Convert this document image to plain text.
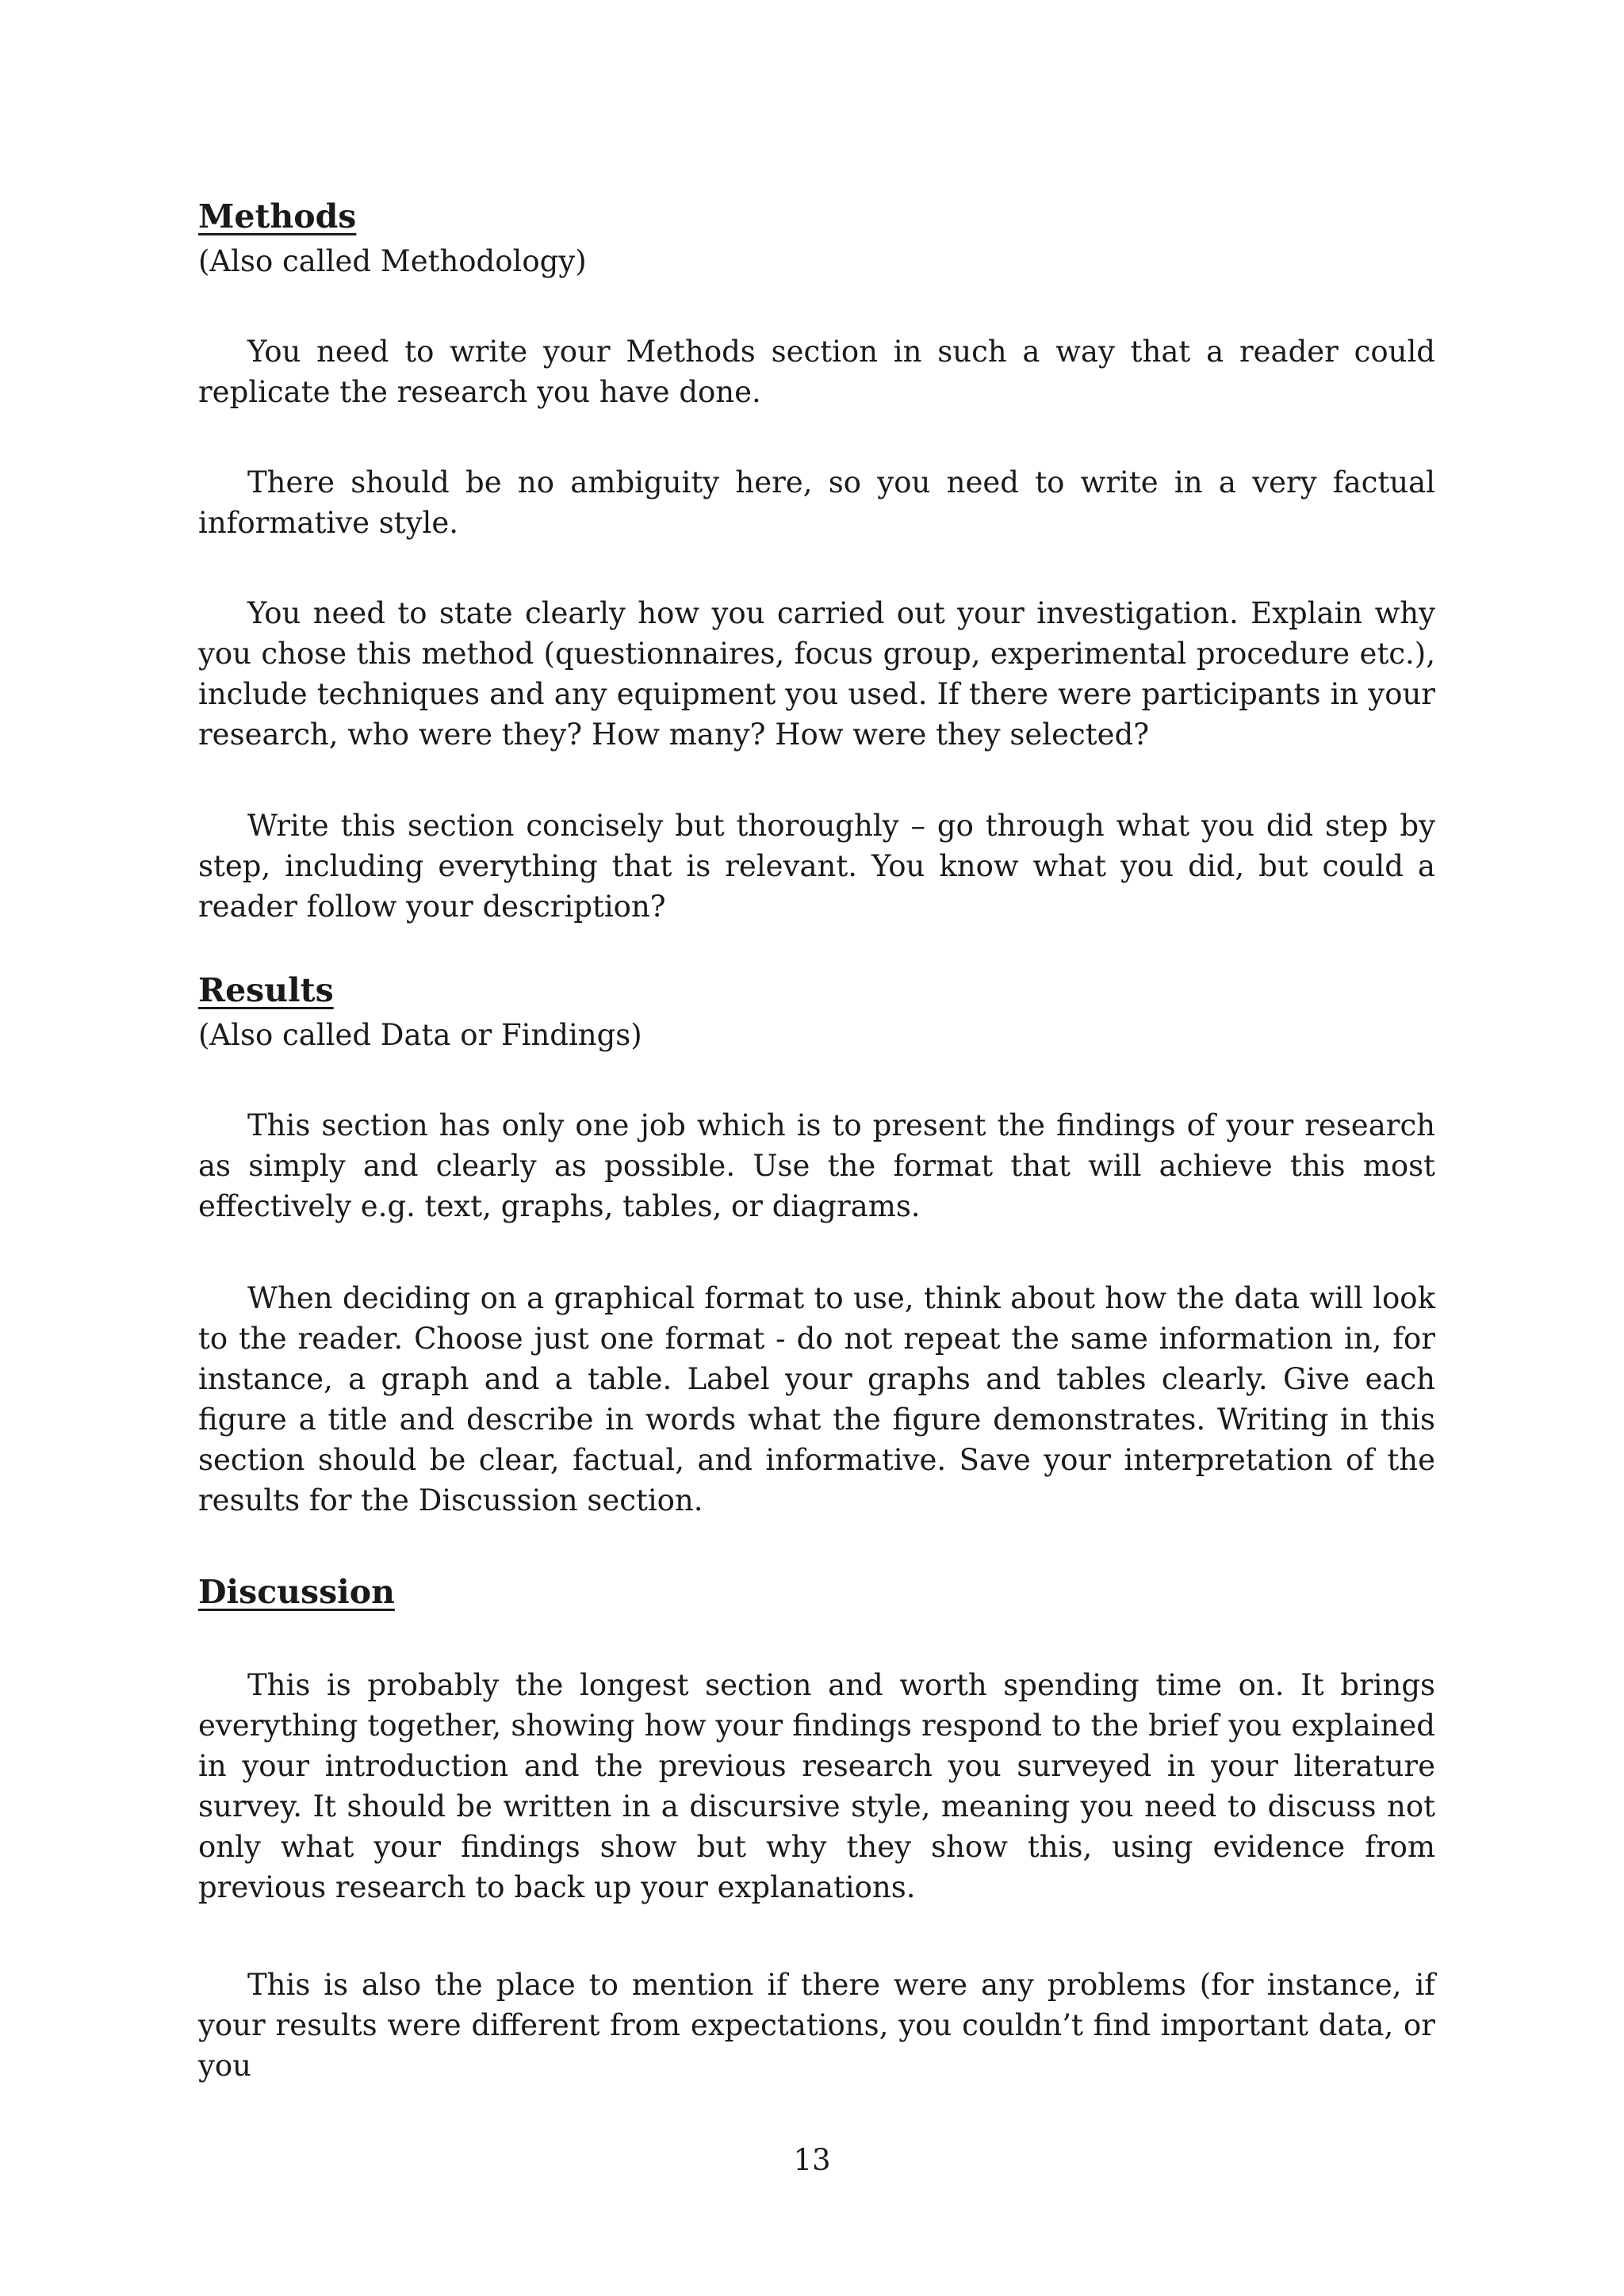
Methods

(Also called Methodology)

You need to write your Methods section in such a way that a reader could replicate the research you have done.

There should be no ambiguity here, so you need to write in a very factual informative style.

You need to state clearly how you carried out your investigation. Explain why you chose this method (questionnaires, focus group, experimental procedure etc.), include techniques and any equipment you used. If there were participants in your research, who were they? How many? How were they selected?

Write this section concisely but thoroughly – go through what you did step by step, including everything that is relevant. You know what you did, but could a reader follow your description?

Results

(Also called Data or Findings)

This section has only one job which is to present the findings of your research as simply and clearly as possible. Use the format that will achieve this most effectively e.g. text, graphs, tables, or diagrams.

When deciding on a graphical format to use, think about how the data will look to the reader. Choose just one format - do not repeat the same information in, for instance, a graph and a table. Label your graphs and tables clearly. Give each figure a title and describe in words what the figure demonstrates. Writing in this section should be clear, factual, and informative. Save your interpretation of the results for the Discussion section.

Discussion

This is probably the longest section and worth spending time on. It brings everything together, showing how your findings respond to the brief you explained in your introduction and the previous research you surveyed in your literature survey. It should be written in a discursive style, meaning you need to discuss not only what your findings show but why they show this, using evidence from previous research to back up your explanations.

This is also the place to mention if there were any problems (for instance, if your results were different from expectations, you couldn’t find important data, or you

13
